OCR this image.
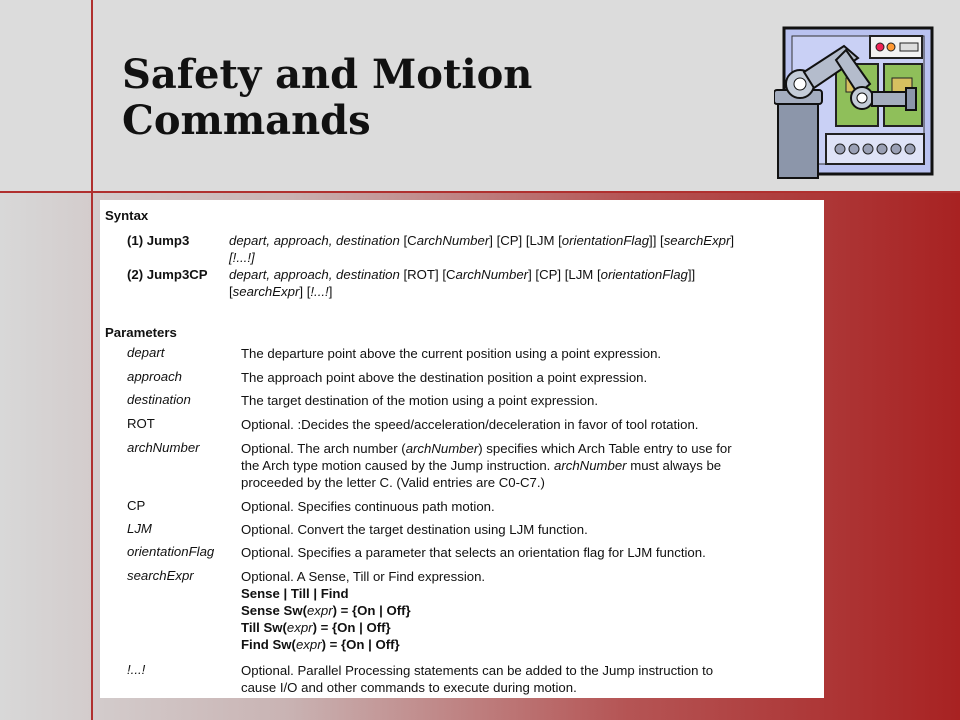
Safety and Motion
Commands
Syntax
(1) Jump3	depart, approach, destination [CarchNumber] [CP] [LJM [orientationFlag]] [searchExpr]
[!...!]
(2) Jump3CP depart, approach, destination [ROT] [CarchNumber] [CP] [LJM [orientationFlag]]
[searchExpr] [!...!]
Parameters
depart	The departure point above the current position using a point expression.
approach	The approach point above the destination position a point expression.
destination	The target destination of the motion using a point expression.
ROT	Optional. :Decides the speed/acceleration/deceleration in favor of tool rotation.
archNumber	Optional. The arch number (archNumber) specifies which Arch Table entry to use for
the Arch type motion caused by the Jump instruction. archNumber must always be
proceeded by the letter C. (Valid entries are C0-C7.)
CP	Optional. Specifies continuous path motion.
LJM	Optional. Convert the target destination using LJM function.
orientationFlag Optional. Specifies a parameter that selects an orientation flag for LJM function.
searchExpr	Optional. A Sense, Till or Find expression.
Sense | Till | Find
Sense Sw(expr) = {On | Off}
Till Sw(expr) = {On | Off}
Find Sw(expr) = {On | Off}
!...!	Optional. Parallel Processing statements can be added to the Jump instruction to
cause I/O and other commands to execute during motion.
